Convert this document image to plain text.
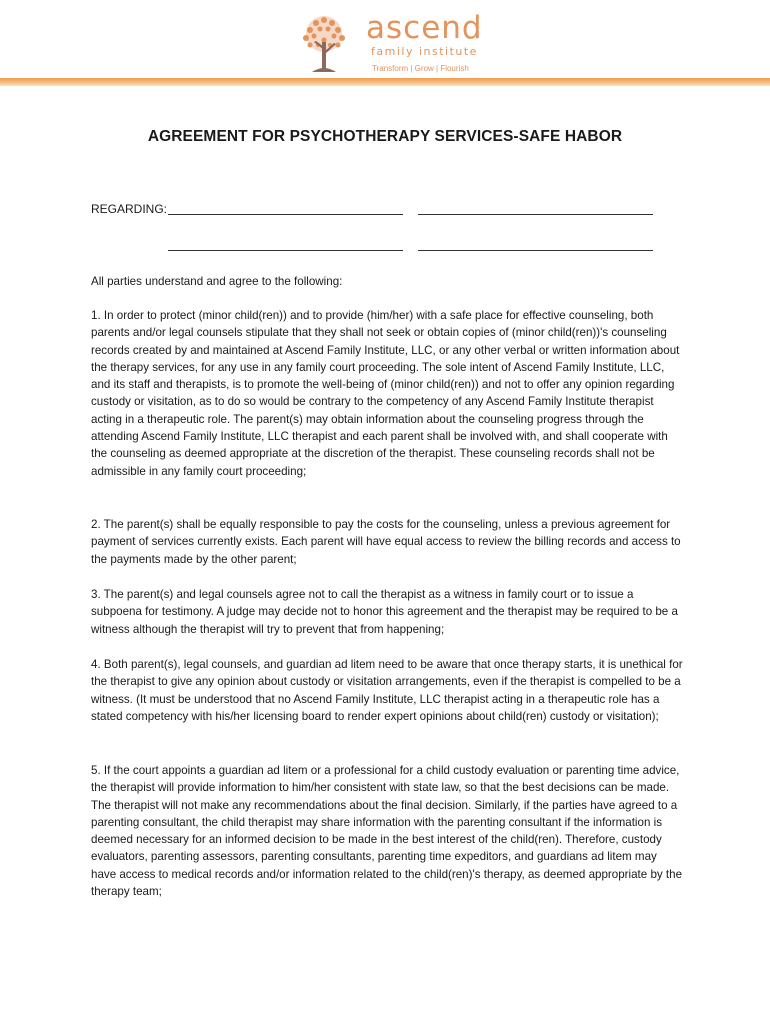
ascend
family institute
Transform | Grow | Flourish
AGREEMENT FOR PSYCHOTHERAPY SERVICES-SAFE HABOR
REGARDING:
All parties understand and agree to the following:
1. In order to protect (minor child(ren)) and to provide (him/her) with a safe place for effective counseling, both parents and/or legal counsels stipulate that they shall not seek or obtain copies of (minor child(ren))'s counseling records created by and maintained at Ascend Family Institute, LLC, or any other verbal or written information about the therapy services, for any use in any family court proceeding. The sole intent of Ascend Family Institute, LLC, and its staff and therapists, is to promote the well-being of (minor child(ren)) and not to offer any opinion regarding custody or visitation, as to do so would be contrary to the competency of any Ascend Family Institute therapist acting in a therapeutic role. The parent(s) may obtain information about the counseling progress through the attending Ascend Family Institute, LLC therapist and each parent shall be involved with, and shall cooperate with the counseling as deemed appropriate at the discretion of the therapist. These counseling records shall not be admissible in any family court proceeding;
2. The parent(s) shall be equally responsible to pay the costs for the counseling, unless a previous agreement for payment of services currently exists. Each parent will have equal access to review the billing records and access to the payments made by the other parent;
3. The parent(s) and legal counsels agree not to call the therapist as a witness in family court or to issue a subpoena for testimony. A judge may decide not to honor this agreement and the therapist may be required to be a witness although the therapist will try to prevent that from happening;
4. Both parent(s), legal counsels, and guardian ad litem need to be aware that once therapy starts, it is unethical for the therapist to give any opinion about custody or visitation arrangements, even if the therapist is compelled to be a witness. (It must be understood that no Ascend Family Institute, LLC therapist acting in a therapeutic role has a stated competency with his/her licensing board to render expert opinions about child(ren) custody or visitation);
5. If the court appoints a guardian ad litem or a professional for a child custody evaluation or parenting time advice, the therapist will provide information to him/her consistent with state law, so that the best decisions can be made. The therapist will not make any recommendations about the final decision. Similarly, if the parties have agreed to a parenting consultant, the child therapist may share information with the parenting consultant if the information is deemed necessary for an informed decision to be made in the best interest of the child(ren). Therefore, custody evaluators, parenting assessors, parenting consultants, parenting time expeditors, and guardians ad litem may have access to medical records and/or information related to the child(ren)'s therapy, as deemed appropriate by the therapy team;
